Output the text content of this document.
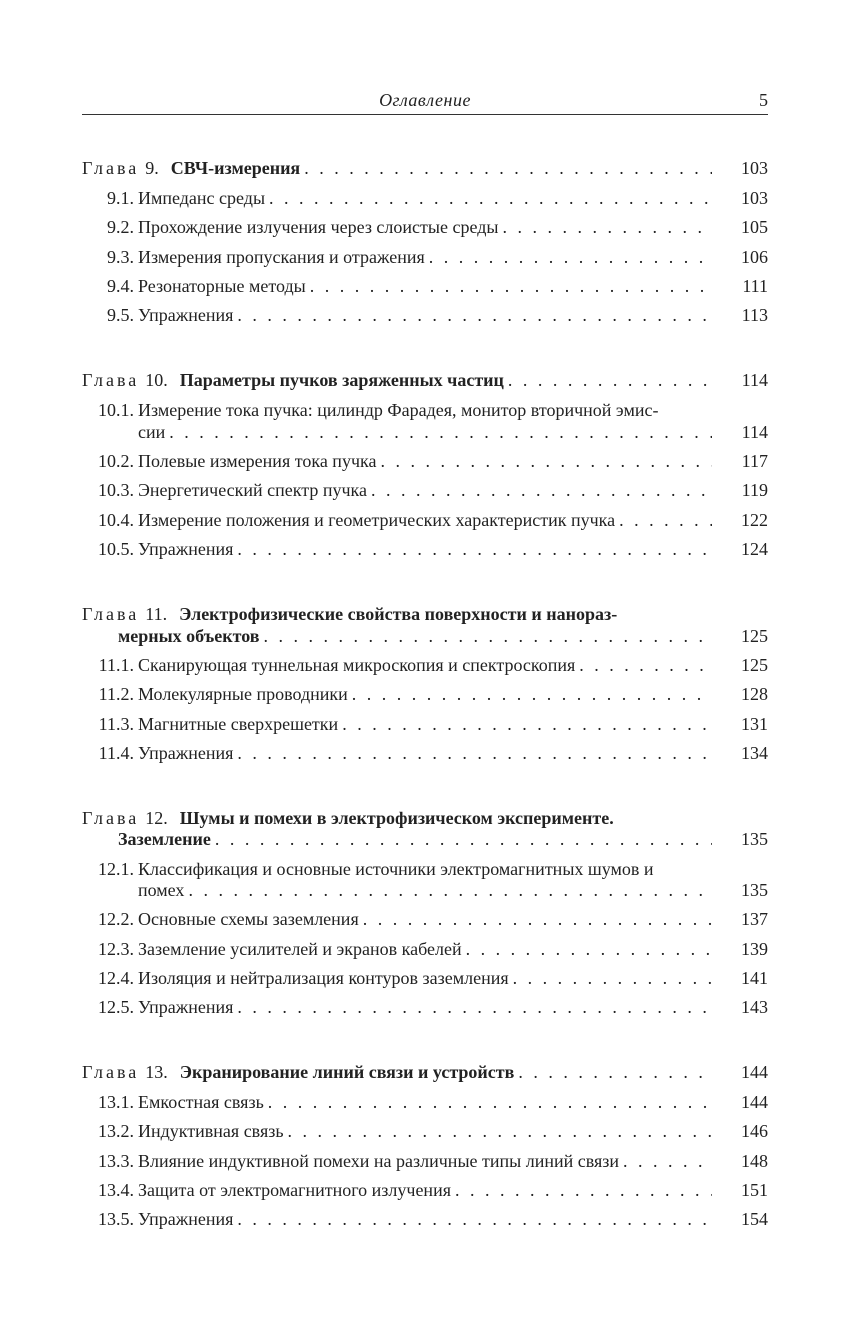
Оглавление	5
Глава 9. СВЧ-измерения . . .	103
9.1. Импеданс среды . . .	103
9.2. Прохождение излучения через слоистые среды . . .	105
9.3. Измерения пропускания и отражения . . .	106
9.4. Резонаторные методы . . .	111
9.5. Упражнения . . .	113
Глава 10. Параметры пучков заряженных частиц . . .	114
10.1. Измерение тока пучка: цилиндр Фарадея, монитор вторичной эмис-
сии . . .	114
10.2. Полевые измерения тока пучка . . .	117
10.3. Энергетический спектр пучка . . .	119
10.4. Измерение положения и геометрических характеристик пучка . . .	122
10.5. Упражнения . . .	124
Глава 11. Электрофизические свойства поверхности и нанораз-
мерных объектов . . .	125
11.1. Сканирующая туннельная микроскопия и спектроскопия . . .	125
11.2. Молекулярные проводники . . .	128
11.3. Магнитные сверхрешетки . . .	131
11.4. Упражнения . . .	134
Глава 12. Шумы и помехи в электрофизическом эксперименте.
Заземление . . .	135
12.1. Классификация и основные источники электромагнитных шумов и
помех . . .	135
12.2. Основные схемы заземления . . .	137
12.3. Заземление усилителей и экранов кабелей . . .	139
12.4. Изоляция и нейтрализация контуров заземления . . .	141
12.5. Упражнения . . .	143
Глава 13. Экранирование линий связи и устройств . . .	144
13.1. Емкостная связь . . .	144
13.2. Индуктивная связь . . .	146
13.3. Влияние индуктивной помехи на различные типы линий связи . . .	148
13.4. Защита от электромагнитного излучения . . .	151
13.5. Упражнения . . .	154
